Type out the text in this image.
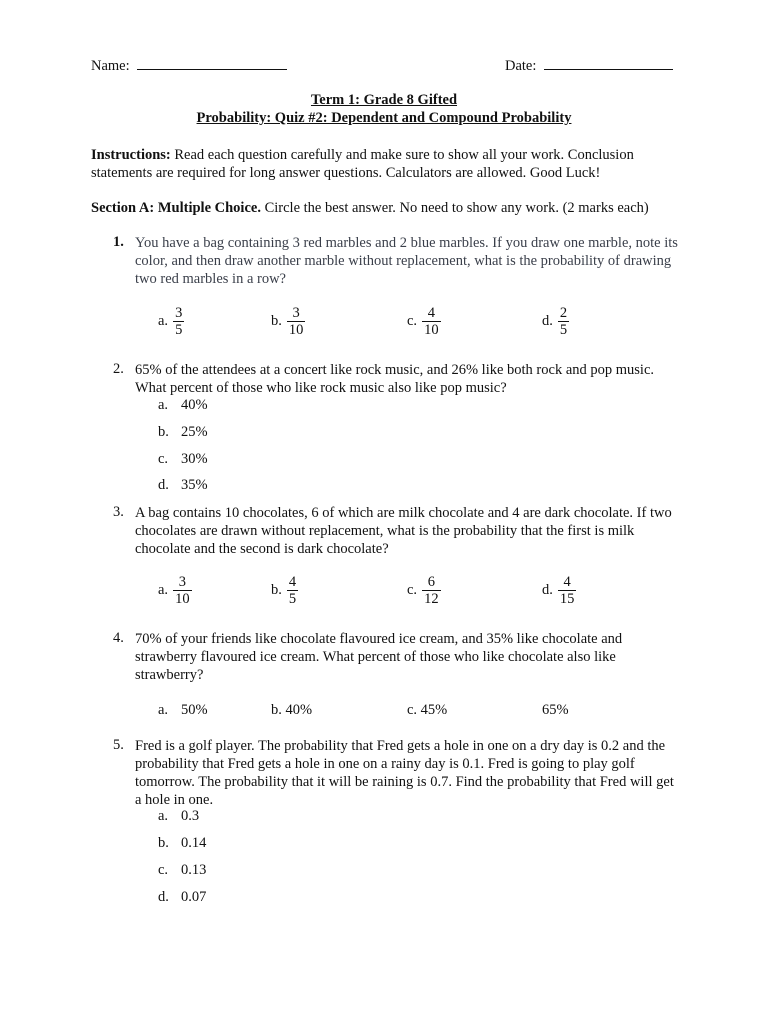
Name:	Date:
Term 1: Grade 8 Gifted
Probability: Quiz #2: Dependent and Compound Probability
Instructions: Read each question carefully and make sure to show all your work. Conclusion statements are required for long answer questions. Calculators are allowed. Good Luck!
Section A: Multiple Choice. Circle the best answer. No need to show any work. (2 marks each)
1. You have a bag containing 3 red marbles and 2 blue marbles. If you draw one marble, note its color, and then draw another marble without replacement, what is the probability of drawing two red marbles in a row?
a. $\frac{3}{5}$	b. $\frac{3}{10}$	c. $\frac{4}{10}$	d. $\frac{2}{5}$
2. 65% of the attendees at a concert like rock music, and 26% like both rock and pop music. What percent of those who like rock music also like pop music?
a. 40%
b. 25%
c. 30%
d. 35%
3. A bag contains 10 chocolates, 6 of which are milk chocolate and 4 are dark chocolate. If two chocolates are drawn without replacement, what is the probability that the first is milk chocolate and the second is dark chocolate?
a. $\frac{3}{10}$	b. $\frac{4}{5}$	c. $\frac{6}{12}$	d. $\frac{4}{15}$
4. 70% of your friends like chocolate flavoured ice cream, and 35% like chocolate and strawberry flavoured ice cream. What percent of those who like chocolate also like strawberry?
a. 50%	b. 40%	c. 45%	65%
5. Fred is a golf player. The probability that Fred gets a hole in one on a dry day is 0.2 and the probability that Fred gets a hole in one on a rainy day is 0.1. Fred is going to play golf tomorrow. The probability that it will be raining is 0.7. Find the probability that Fred will get a hole in one.
a. 0.3
b. 0.14
c. 0.13
d. 0.07
